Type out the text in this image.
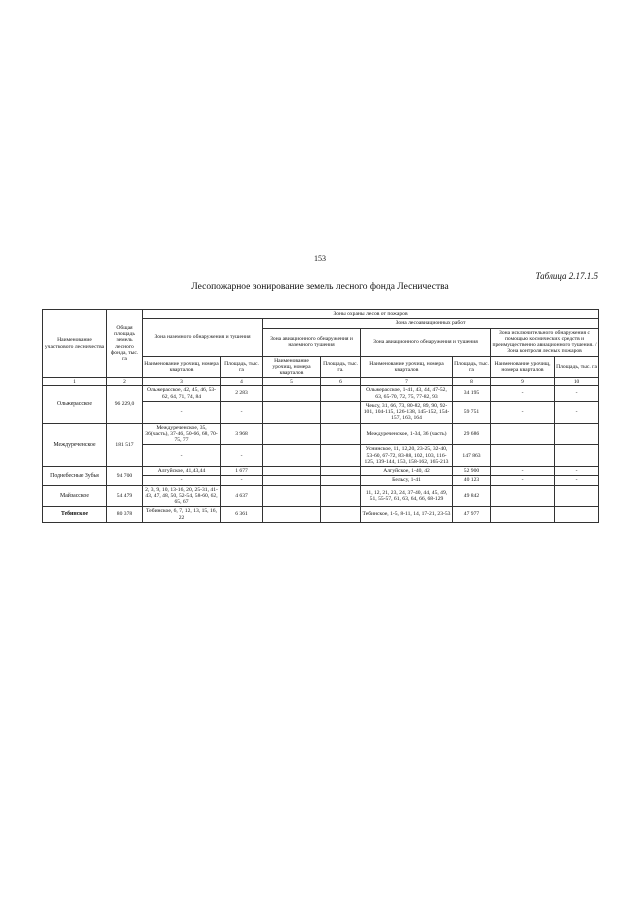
153
Таблица 2.17.1.5
Лесопожарное зонирование земель лесного фонда Лесничества
Наименование участкового лесничества	Общая площадь земель лесного фонда, тыс. га	Зоны охраны лесов от пожаров							
		Зона наземного обнаружения и тушения		Зона лесоавиационных работ					
				Зона авиационного обнаружения и наземного тушения		Зона авиационного обнаружения и тушения		Зона исключительного обнаружения с помощью космических средств и преимущественно авиационного тушения. / Зона контроля лесных пожаров	
		Наименование урочищ, номера кварталов	Площадь, тыс. га	Наименование урочищ, номера кварталов	Площадь, тыс. га.	Наименование урочищ, номера кварталов	Площадь, тыс. га	Наименование урочищ, номера кварталов	Площадь, тыс. га
1	2	3	4	5	6	7	8	9	10
Ольжерасское	96 229,0	Ольжерасское, 42, 45, 46, 53-62, 64, 71, 74, 84	2 283			Ольжерасское, 1-41, 43, 44, 47-52, 63, 65-70, 72, 75, 77-82, 93	34 195	-	-
		-	-			Чексу, 31, 66, 73, 80-82, 89, 90, 92-101, 104-115, 126-138, 145-152, 154-157, 163, 164	59 751	-	-
Междуреченское	181 517	Междуреченское, 35, 36(часть), 37-46, 50-66, 68, 70-75, 77	3 968			Междуреченское, 1-34, 36 (часть)	29 686		
		-	-			Уснинское, 11, 12,20, 23-25, 32-40, 53-60, 67-72, 83-88, 102, 103, 116-125, 139-144, 153, 158-162, 165-213	147 863		
Поднебесные Зубья	94 700	Алгуйское, 41,43,44	1 677			Алгуйское, 1-40, 42	52 900	-	-
		-	-			Бельсу, 1-41	40 123	-	-
Майзасское	54 479	2, 3, 9, 10, 13-16, 20, 25-31, 41-43, 47, 48, 50, 52-54, 58-60, 62, 65, 67	4 637			11, 12, 21, 23, 24, 37-40, 44, 45, 49, 51, 55-57, 61, 63, 64, 66, 68-129	49 842		
Тебинское	80 378	Тебинское, 6, 7, 12, 13, 15, 16, 22	6 361			Тебинское, 1-5, 8-11, 14, 17-21, 23-53	47 977		
